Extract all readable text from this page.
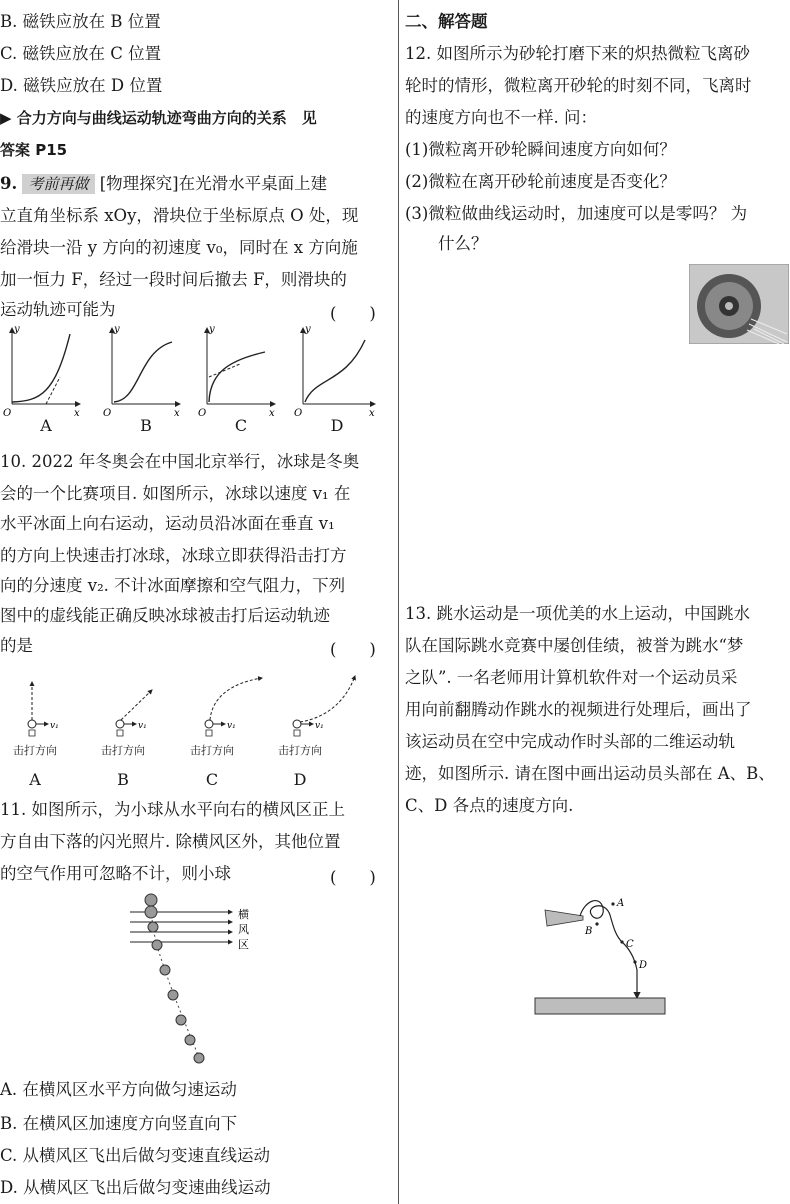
B. 磁铁应放在 B 位置
C. 磁铁应放在 C 位置
D. 磁铁应放在 D 位置
▶ 合力方向与曲线运动轨迹弯曲方向的关系　见
答案 P15
9. 考前再做 [物理探究]在光滑水平桌面上建
立直角坐标系 xOy，滑块位于坐标原点 O 处，现
给滑块一沿 y 方向的初速度 v₀，同时在 x 方向施
加一恒力 F，经过一段时间后撤去 F，则滑块的
运动轨迹可能为	(　　)
y
x
O
y
x
O
y
x
O
y
x
O
A	B	C	D
10. 2022 年冬奥会在中国北京举行，冰球是冬奥
会的一个比赛项目. 如图所示，冰球以速度 v₁ 在
水平冰面上向右运动，运动员沿冰面在垂直 v₁
的方向上快速击打冰球，冰球立即获得沿击打方
向的分速度 v₂. 不计冰面摩擦和空气阻力，下列
图中的虚线能正确反映冰球被击打后运动轨迹
的是	(　　)
v₁	v₁	v₁	v₁
击打方向	击打方向	击打方向	击打方向
A	B	C	D
11. 如图所示，为小球从水平向右的横风区正上
方自由下落的闪光照片. 除横风区外，其他位置
的空气作用可忽略不计，则小球	(　　)
横
风
区
A. 在横风区水平方向做匀速运动
B. 在横风区加速度方向竖直向下
C. 从横风区飞出后做匀变速直线运动
D. 从横风区飞出后做匀变速曲线运动
二、解答题
12. 如图所示为砂轮打磨下来的炽热微粒飞离砂
轮时的情形，微粒离开砂轮的时刻不同，飞离时
的速度方向也不一样. 问：
(1)微粒离开砂轮瞬间速度方向如何？
(2)微粒在离开砂轮前速度是否变化？
(3)微粒做曲线运动时，加速度可以是零吗？ 为
　　什么？
13. 跳水运动是一项优美的水上运动，中国跳水
队在国际跳水竞赛中屡创佳绩，被誉为跳水“梦
之队”. 一名老师用计算机软件对一个运动员采
用向前翻腾动作跳水的视频进行处理后，画出了
该运动员在空中完成动作时头部的二维运动轨
迹，如图所示. 请在图中画出运动员头部在 A、B、
C、D 各点的速度方向.
A
B
C
D
